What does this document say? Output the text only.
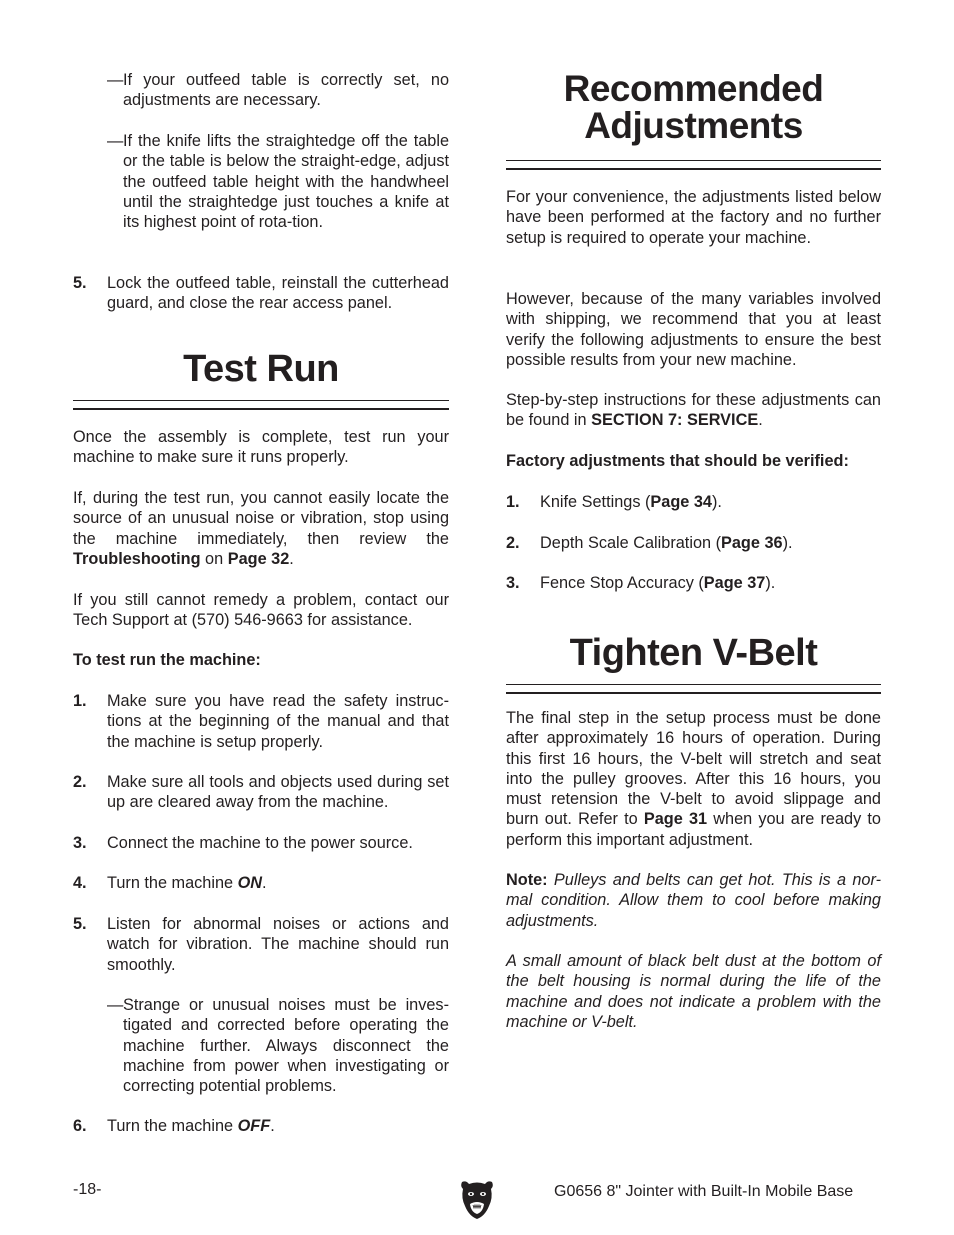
— If your outfeed table is correctly set, no adjustments are necessary.
— If the knife lifts the straightedge off the table or the table is below the straight-edge, adjust the outfeed table height with the handwheel until the straightedge just touches a knife at its highest point of rota-tion.
5. Lock the outfeed table, reinstall the cutterhead guard, and close the rear access panel.
Test Run

Once the assembly is complete, test run your machine to make sure it runs properly.

If, during the test run, you cannot easily locate the source of an unusual noise or vibration, stop using the machine immediately, then review the Troubleshooting on Page 32.

If you still cannot remedy a problem, contact our Tech Support at (570) 546-9663 for assistance.

To test run the machine:

1. Make sure you have read the safety instruc-tions at the beginning of the manual and that the machine is setup properly.
2. Make sure all tools and objects used during set up are cleared away from the machine.
3. Connect the machine to the power source.
4. Turn the machine ON.
5. Listen for abnormal noises or actions and watch for vibration. The machine should run smoothly.
— Strange or unusual noises must be inves-tigated and corrected before operating the machine further. Always disconnect the machine from power when investigating or correcting potential problems.
6. Turn the machine OFF.
Recommended
Adjustments

For your convenience, the adjustments listed below have been performed at the factory and no further setup is required to operate your machine.

However, because of the many variables involved with shipping, we recommend that you at least verify the following adjustments to ensure the best possible results from your new machine.

Step-by-step instructions for these adjustments can be found in SECTION 7: SERVICE.

Factory adjustments that should be verified:

1. Knife Settings (Page 34).
2. Depth Scale Calibration (Page 36).
3. Fence Stop Accuracy (Page 37).
Tighten V-Belt

The final step in the setup process must be done after approximately 16 hours of operation. During this first 16 hours, the V-belt will stretch and seat into the pulley grooves. After this 16 hours, you must retension the V-belt to avoid slippage and burn out. Refer to Page 31 when you are ready to perform this important adjustment.

Note: Pulleys and belts can get hot. This is a nor-mal condition. Allow them to cool before making adjustments.

A small amount of black belt dust at the bottom of the belt housing is normal during the life of the machine and does not indicate a problem with the machine or V-belt.

-18-	G0656 8" Jointer with Built-In Mobile Base
